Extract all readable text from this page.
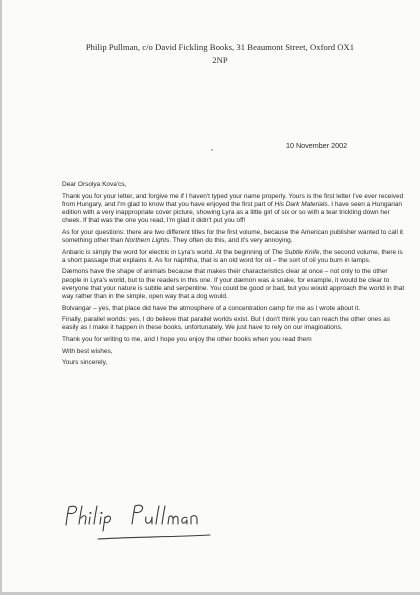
Philip Pullman, c/o David Fickling Books, 31 Beaumont Street, Oxford OX1
2NP
10 November 2002

Dear Orsolya Kova'cs,

Thank you for your letter, and forgive me if I haven't typed your name properly. Yours is the first letter I've ever received from Hungary, and I'm glad to know that you have enjoyed the first part of His Dark Materials. I have seen a Hungarian edition with a very inappropriate cover picture, showing Lyra as a little girl of six or so with a tear trickling down her cheek. If that was the one you read, I'm glad it didn't put you off!

As for your questions: there are two different titles for the first volume, because the American publisher wanted to call it something other than Northern Lights. They often do this, and it's very annoying.

Anbaric is simply the word for electric in Lyra's world. At the beginning of The Subtle Knife, the second volume, there is a short passage that explains it. As for naphtha, that is an old word for oil – the sort of oil you burn in lamps.

Dæmons have the shape of animals because that makes their characteristics clear at once – not only to the other people in Lyra's world, but to the readers in this one. If your dæmon was a snake, for example, it would be clear to everyone that your nature is subtle and serpentine. You could be good or bad, but you would approach the world in that way rather than in the simple, open way that a dog would.

Bolvangar – yes, that place did have the atmosphere of a concentration camp for me as I wrote about it.

Finally, parallel worlds: yes, I do believe that parallel worlds exist. But I don't think you can reach the other ones as easily as I make it happen in these books, unfortunately. We just have to rely on our imaginations.

Thank you for writing to me, and I hope you enjoy the other books when you read them

With best wishes,

Yours sincerely,
